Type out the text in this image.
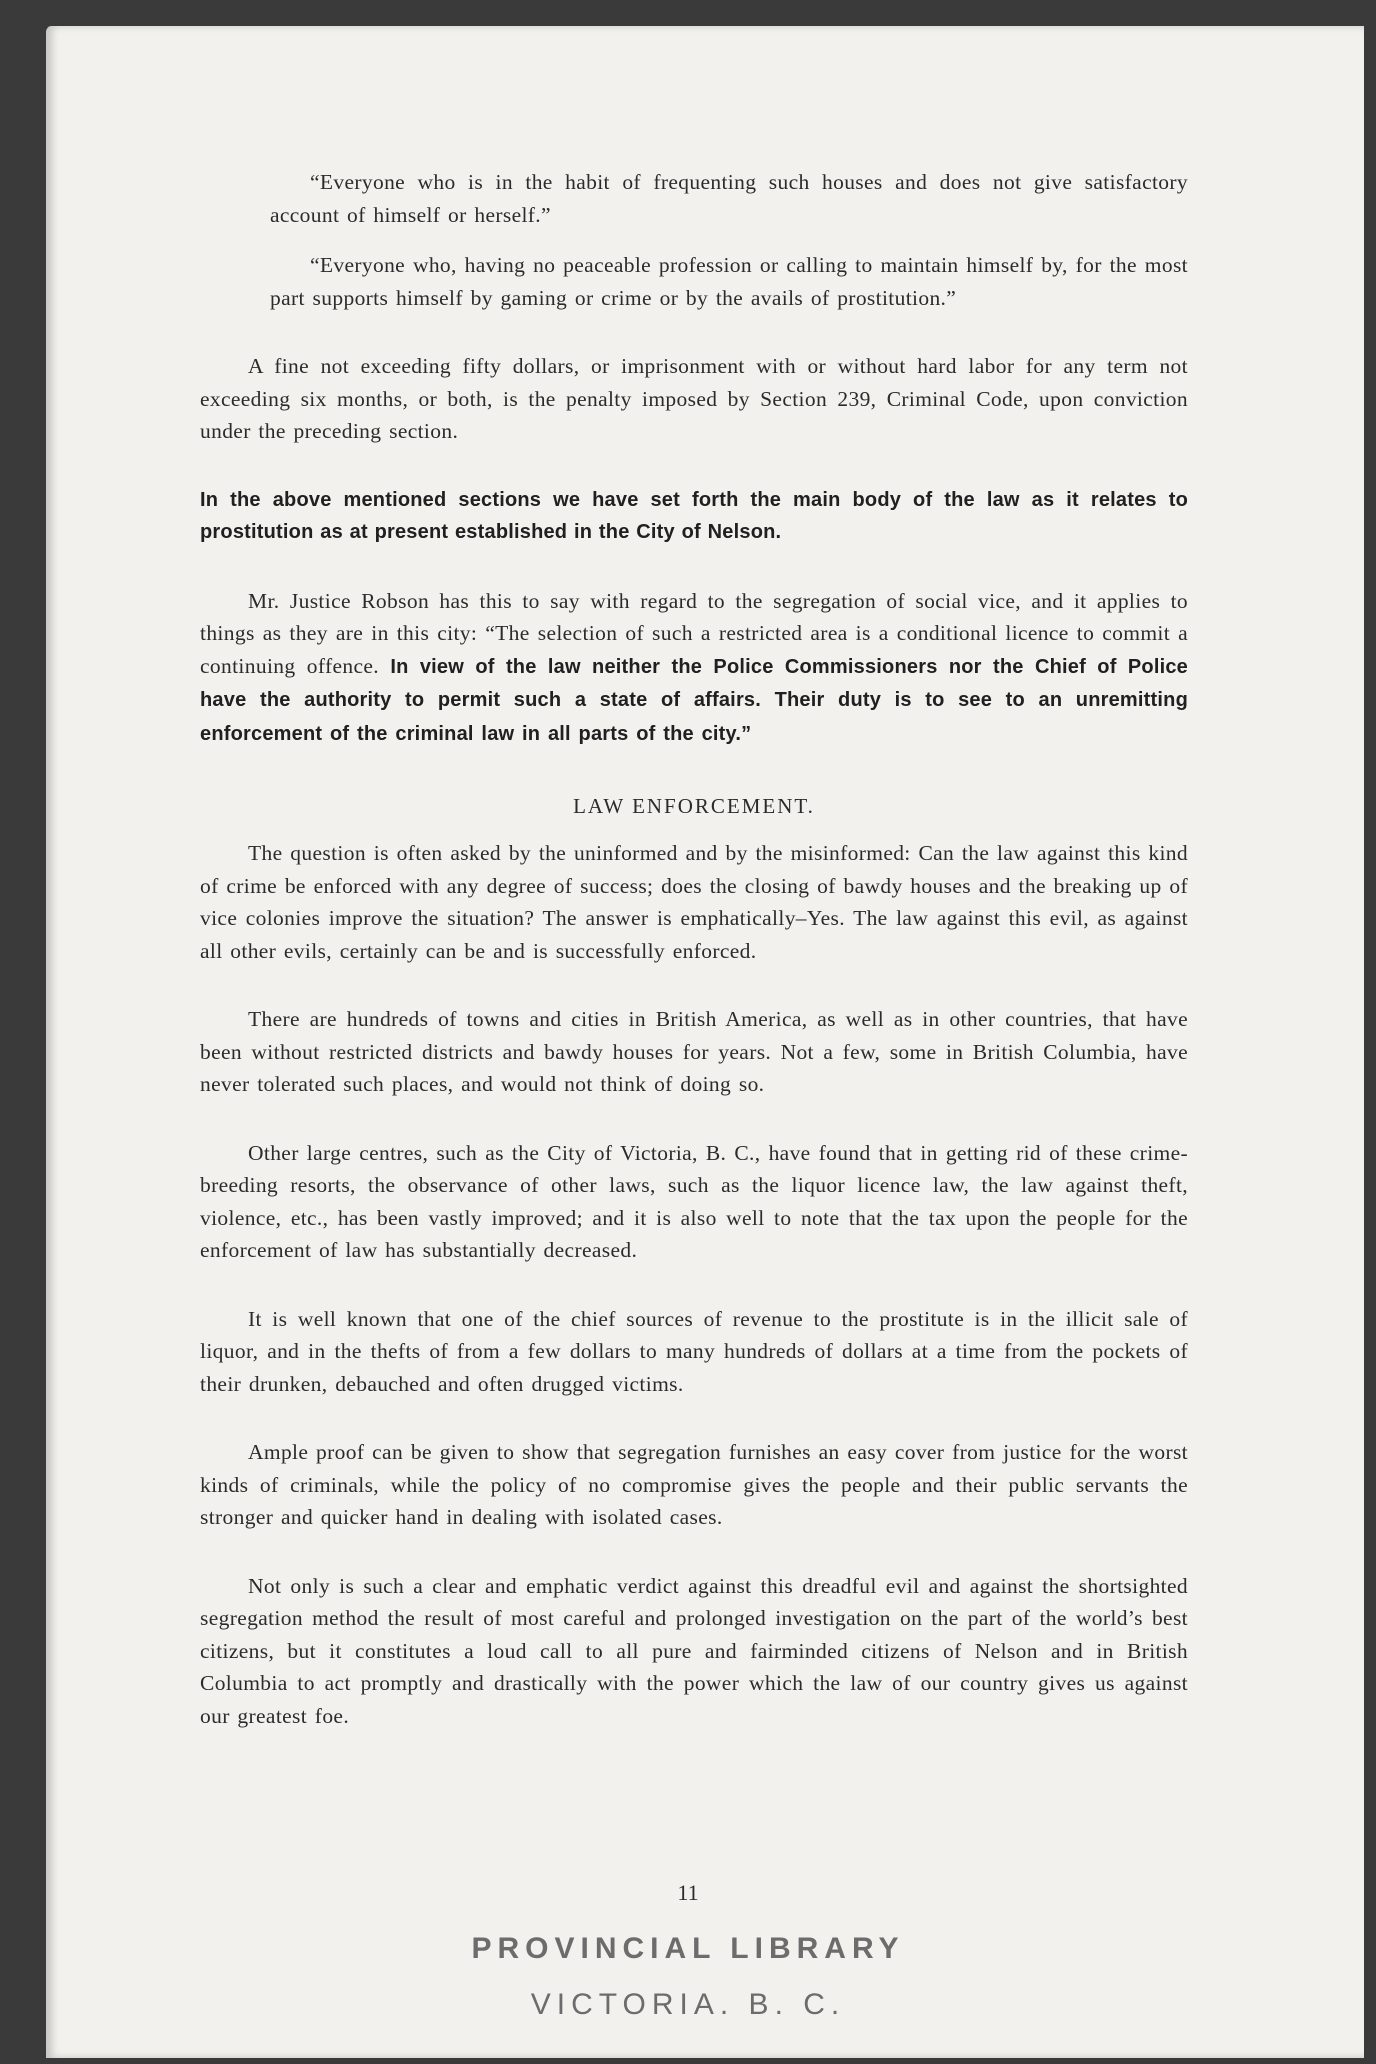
“Everyone who is in the habit of frequenting such houses and does not give satisfactory account of himself or herself.”

“Everyone who, having no peaceable profession or calling to maintain himself by, for the most part supports himself by gaming or crime or by the avails of prostitution.”

A fine not exceeding fifty dollars, or imprisonment with or without hard labor for any term not exceeding six months, or both, is the penalty imposed by Section 239, Criminal Code, upon conviction under the preceding section.

In the above mentioned sections we have set forth the main body of the law as it relates to prostitution as at present established in the City of Nelson.

Mr. Justice Robson has this to say with regard to the segregation of social vice, and it applies to things as they are in this city: “The selection of such a restricted area is a conditional licence to commit a continuing offence. In view of the law neither the Police Commissioners nor the Chief of Police have the authority to permit such a state of affairs. Their duty is to see to an unremitting enforcement of the criminal law in all parts of the city.”

LAW ENFORCEMENT.

The question is often asked by the uninformed and by the misinformed: Can the law against this kind of crime be enforced with any degree of success; does the closing of bawdy houses and the breaking up of vice colonies improve the situation? The answer is emphatically–Yes. The law against this evil, as against all other evils, certainly can be and is successfully enforced.

There are hundreds of towns and cities in British America, as well as in other countries, that have been without restricted districts and bawdy houses for years. Not a few, some in British Columbia, have never tolerated such places, and would not think of doing so.

Other large centres, such as the City of Victoria, B. C., have found that in getting rid of these crime-breeding resorts, the observance of other laws, such as the liquor licence law, the law against theft, violence, etc., has been vastly improved; and it is also well to note that the tax upon the people for the enforcement of law has substantially decreased.

It is well known that one of the chief sources of revenue to the prostitute is in the illicit sale of liquor, and in the thefts of from a few dollars to many hundreds of dollars at a time from the pockets of their drunken, debauched and often drugged victims.

Ample proof can be given to show that segregation furnishes an easy cover from justice for the worst kinds of criminals, while the policy of no compromise gives the people and their public servants the stronger and quicker hand in dealing with isolated cases.

Not only is such a clear and emphatic verdict against this dreadful evil and against the shortsighted segregation method the result of most careful and prolonged investigation on the part of the world’s best citizens, but it constitutes a loud call to all pure and fairminded citizens of Nelson and in British Columbia to act promptly and drastically with the power which the law of our country gives us against our greatest foe.

11
PROVINCIAL LIBRARY
VICTORIA. B. C.
